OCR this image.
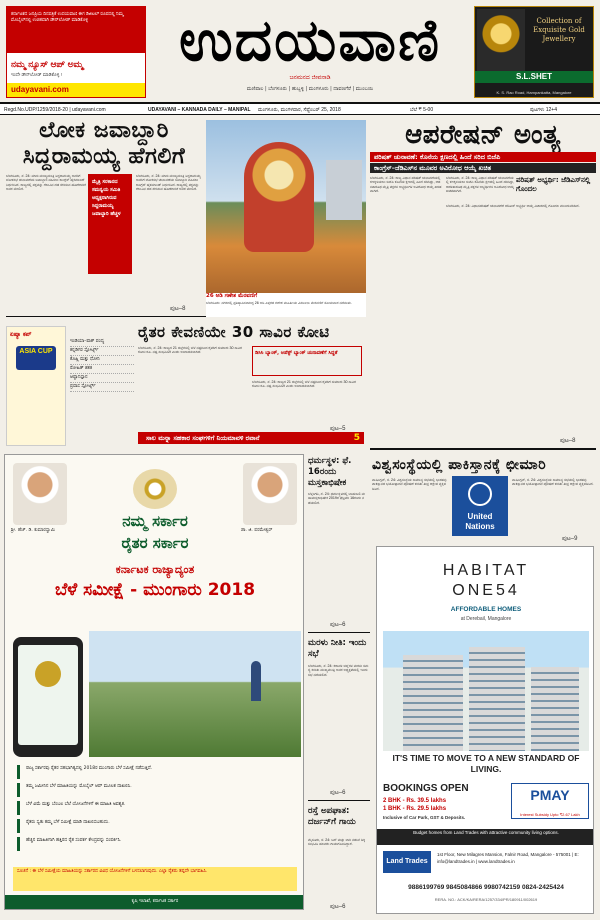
ಕರ್ನಾಟಕದ ಜನಪ್ರಿಯ ದಿನಪತ್ರಿಕೆ ಉದಯವಾಣಿ ಈಗ ಡಿಜಿಟಲ್ ರೂಪದಲ್ಲಿ ನಿಮ್ಮ ಮೊಬೈಲ್‌ನಲ್ಲಿ ಉಚಿತವಾಗಿ ಡೌನ್‌ಲೋಡ್ ಮಾಡಿಕೊಳ್ಳಿ
ನಮ್ಮ ನ್ಯೂಸ್ ಆಪ್ ಅಮ್ಮ
ಇಂದೇ ಡೌನ್‌ಲೋಡ್ ಮಾಡಿಕೊಳ್ಳಿ !
udayavani.com
ಉದಯವಾಣಿ
ಜನಮನದ ಜೀವನಾಡಿ
ಮಣಿಪಾಲ | ಬೆಂಗಳೂರು | ಹುಬ್ಬಳ್ಳಿ | ಮಂಗಳೂರು | ದಾವಣಗೆರೆ | ಮುಂಬಯಿ
Collection of Exquisite Gold Jewellery
S.L.SHET
K. S. Rao Road, Hampankatta, Mangalore
Regd.No.UDP/1259/2018-20 | udayavani.com	UDAYAVANI – KANNADA DAILY – MANIPAL ಮಂಗಳೂರು, ಮಂಗಳವಾರ, ಸೆಪ್ಟೆಂಬರ್ 25, 2018	ಬೆಲೆ ₹ 5-00	ಪುಟಗಳು 12+4
ಲೋಕ ಜವಾಬ್ದಾರಿ
ಸಿದ್ದರಾಮಯ್ಯ ಹೆಗಲಿಗೆ
ಬೆಂಗಳೂರು, ಸೆ. 24: ಮಾಜಿ ಮುಖ್ಯಮಂತ್ರಿ ಸಿದ್ದರಾಮಯ್ಯ ಅವರಿಗೆ ಲೋಕಸಭೆ ಚುನಾವಣೆಯ ಜವಾಬ್ದಾರಿ ವಹಿಸಲು ಕಾಂಗ್ರೆಸ್ ಹೈಕಮಾಂಡ್ ನಿರ್ಧರಿಸಿದೆ. ರಾಜ್ಯದಲ್ಲಿ ಪಕ್ಷವನ್ನು ಗೆಲುವಿನ ದಡ ಸೇರಿಸುವ ಹೊಣೆಗಾರಿಕೆ ಅವರ ಮೇಲಿದೆ.
ಮೈತ್ರಿ ಸರಕಾರದ ಸಮನ್ವಯ ಸಮಿತಿ ಅಧ್ಯಕ್ಷರಾಗಿರುವ ಸಿದ್ದರಾಮಯ್ಯ ಜವಾಬ್ದಾರಿ ಹೆಚ್ಚಳ
ಬೆಂಗಳೂರು, ಸೆ. 24: ಮಾಜಿ ಮುಖ್ಯಮಂತ್ರಿ ಸಿದ್ದರಾಮಯ್ಯ ಅವರಿಗೆ ಲೋಕಸಭೆ ಚುನಾವಣೆಯ ಜವಾಬ್ದಾರಿ ವಹಿಸಲು ಕಾಂಗ್ರೆಸ್ ಹೈಕಮಾಂಡ್ ನಿರ್ಧರಿಸಿದೆ. ರಾಜ್ಯದಲ್ಲಿ ಪಕ್ಷವನ್ನು ಗೆಲುವಿನ ದಡ ಸೇರಿಸುವ ಹೊಣೆಗಾರಿಕೆ ಅವರ ಮೇಲಿದೆ.
ಪುಟ–8
26 ಅಡಿ ಗಣೇಶ ಮೆರವಣಿಗೆ
ಬೆಂಗಳೂರು: ನಗರದಲ್ಲಿ ಪ್ರತಿಷ್ಠಾಪಿಸಲಾಗಿದ್ದ 26 ಅಡಿ ಎತ್ತರದ ಗಣೇಶ ಮೂರ್ತಿಯ ವಿಸರ್ಜನಾ ಮೆರವಣಿಗೆ ಸೋಮವಾರ ನಡೆಯಿತು.
ಆಪರೇಷನ್ ಅಂತ್ಯ
ಪರಿಷತ್ ಚುನಾವಣೆ: ಕೊನೆಯ ಕ್ಷಣದಲ್ಲಿ ಹಿಂದೆ ಸರಿದ ಬಿಜೆಪಿ
ಕಾಂಗ್ರೆಸ್–ಜೆಡಿಎಸ್‌ನ ಮೂವರ ಅವಿರೋಧ ಆಯ್ಕೆ ಖಚಿತ
ಬೆಂಗಳೂರು, ಸೆ. 24: ರಾಜ್ಯ ವಿಧಾನ ಪರಿಷತ್ ಚುನಾವಣೆಯಲ್ಲಿ ಕಣಕ್ಕಿಳಿಯಲು ಬಿಜೆಪಿ ಕೊನೆಯ ಕ್ಷಣದಲ್ಲಿ ಹಿಂದೆ ಸರಿದಿದ್ದು, ಆಡಳಿತಾರೂಢ ಮೈತ್ರಿ ಪಕ್ಷಗಳ ಅಭ್ಯರ್ಥಿಗಳ ಅವಿರೋಧ ಆಯ್ಕೆ ಖಚಿತವಾಗಿದೆ.
ಬೆಂಗಳೂರು, ಸೆ. 24: ರಾಜ್ಯ ವಿಧಾನ ಪರಿಷತ್ ಚುನಾವಣೆಯಲ್ಲಿ ಕಣಕ್ಕಿಳಿಯಲು ಬಿಜೆಪಿ ಕೊನೆಯ ಕ್ಷಣದಲ್ಲಿ ಹಿಂದೆ ಸರಿದಿದ್ದು, ಆಡಳಿತಾರೂಢ ಮೈತ್ರಿ ಪಕ್ಷಗಳ ಅಭ್ಯರ್ಥಿಗಳ ಅವಿರೋಧ ಆಯ್ಕೆ ಖಚಿತವಾಗಿದೆ.
ಪರಿಷತ್ ಅಭ್ಯರ್ಥಿ: ಜೆಡಿಎಸ್‌ನಲ್ಲಿ ಗೊಂದಲ
ಬೆಂಗಳೂರು, ಸೆ. 24: ವಿಧಾನಪರಿಷತ್ ಚುನಾವಣೆಗೆ ಜೆಡಿಎಸ್ ಅಭ್ಯರ್ಥಿ ಆಯ್ಕೆ ವಿಚಾರದಲ್ಲಿ ಗೊಂದಲ ಮುಂದುವರಿದಿದೆ.
ಪುಟ–8
ಏಷ್ಯಾ ಕಪ್
ASIA CUP
ಇಂಡಿಯಾ–ಪಾಕ್ ಪಂದ್ಯ
ಕನ್ನಡಿಗರ ಸ್ಪೋರ್ಟ್ಸ್
ಕೊಹ್ಲಿ ಮತ್ತು ಧೋನಿ
ರೋಹಿತ್ ಶತಕ
ಆಫ್ಘಾನಿಸ್ತಾನ
ಪ್ರವಾಸ ಸ್ಪೋರ್ಟ್ಸ್
ರೈತರ ಕೇವಣಿಯೇ 30 ಸಾವಿರ ಕೋಟಿ
ಬೆಂಗಳೂರು, ಸೆ. 24: ರಾಜ್ಯದ 21 ಜಿಲ್ಲೆಗಳಲ್ಲಿ ಬೆಳೆ ನಷ್ಟದಿಂದ ರೈತರಿಗೆ ಸುಮಾರು 30 ಸಾವಿರ ಕೋಟಿ ರೂ. ನಷ್ಟ ಸಂಭವಿಸಿದೆ ಎಂದು ಅಂದಾಜಿಸಲಾಗಿದೆ.	ಡಿಸಿಸಿ ಬ್ಯಾಂಕ್, ಅಪೆಕ್ಸ್ ಬ್ಯಾಂಕ್ ಚುನಾವಣೆಗೆ ಸಿದ್ಧತೆ
ಬೆಂಗಳೂರು, ಸೆ. 24: ರಾಜ್ಯದ 21 ಜಿಲ್ಲೆಗಳಲ್ಲಿ ಬೆಳೆ ನಷ್ಟದಿಂದ ರೈತರಿಗೆ ಸುಮಾರು 30 ಸಾವಿರ ಕೋಟಿ ರೂ. ನಷ್ಟ ಸಂಭವಿಸಿದೆ ಎಂದು ಅಂದಾಜಿಸಲಾಗಿದೆ.
ಪುಟ–5
ಸಾಲ ಮನ್ನಾ ಸಹಕಾರ ಸಂಘಗಳಿಗೆ ನಿಯಮಾವಳಿ ರವಾನೆ	5
ಶ್ರೀ. ಹೆಚ್. ಡಿ. ಕುಮಾರಸ್ವಾಮಿ	ಡಾ. ಜಿ. ಪರಮೇಶ್ವರ್
ನಮ್ಮ ಸರ್ಕಾರ
ರೈತರ ಸರ್ಕಾರ
ಕರ್ನಾಟಕ ರಾಜ್ಯಾದ್ಯಂತ
ಬೆಳೆ ಸಮೀಕ್ಷೆ - ಮುಂಗಾರು 2018
ರಾಜ್ಯ ಸರ್ಕಾರವು ರೈತರ ಸಹಭಾಗಿತ್ವದಲ್ಲಿ 2018ರ ಮುಂಗಾರು ಬೆಳೆ ಸಮೀಕ್ಷೆ ನಡೆಸುತ್ತಿದೆ.
ತಮ್ಮ ಜಮೀನಿನ ಬೆಳೆ ಮಾಹಿತಿಯನ್ನು ಮೊಬೈಲ್ ಆಪ್ ಮೂಲಕ ದಾಖಲಿಸಿ.
ಬೆಳೆ ವಿಮೆ ಮತ್ತು ಬೆಂಬಲ ಬೆಲೆ ಯೋಜನೆಗಳಿಗೆ ಈ ಮಾಹಿತಿ ಅವಶ್ಯಕ.
ರೈತರು ಸ್ವತಃ ತಮ್ಮ ಬೆಳೆ ಸಮೀಕ್ಷೆ ಮಾಡಿ ದಾಖಲಿಸಬಹುದು.
ಹೆಚ್ಚಿನ ಮಾಹಿತಿಗಾಗಿ ಹತ್ತಿರದ ರೈತ ಸಂಪರ್ಕ ಕೇಂದ್ರವನ್ನು ಸಂಪರ್ಕಿಸಿ.
ಸೂಚನೆ : ಈ ಬೆಳೆ ಸಮೀಕ್ಷೆಯ ಮಾಹಿತಿಯನ್ನು ಸರ್ಕಾರದ ವಿವಿಧ ಯೋಜನೆಗಳಿಗೆ ಬಳಸಲಾಗುವುದು. ಎಲ್ಲಾ ರೈತರು ತಪ್ಪದೇ ಭಾಗವಹಿಸಿ.
ಕೃಷಿ ಇಲಾಖೆ, ಕರ್ನಾಟಕ ಸರ್ಕಾರ
ಧರ್ಮಸ್ಥಳ: ಫೆ. 16ರಂದು ಮಸ್ತಕಾಭಿಷೇಕ
ಬೆಳ್ತಂಗಡಿ, ಸೆ. 24: ಧರ್ಮಸ್ಥಳದಲ್ಲಿ ಬಾಹುಬಲಿ ಮಹಾಮಸ್ತಕಾಭಿಷೇಕ 2019ರ ಫೆಬ್ರವರಿ 16ರಂದು ನಡೆಯಲಿದೆ.
ಪುಟ–6
ಮರಳು ನೀತಿ: ಇಂದು ಸಭೆ
ಬೆಂಗಳೂರು, ಸೆ. 24: ಕರಾವಳಿ ಜಿಲ್ಲೆಗಳ ಮರಳು ಸಮಸ್ಯೆ ಕುರಿತು ಮುಖ್ಯಮಂತ್ರಿ ಅವರ ಅಧ್ಯಕ್ಷತೆಯಲ್ಲಿ ಇಂದು ಸಭೆ ನಡೆಯಲಿದೆ.
ಪುಟ–6
ರಸ್ತೆ ಅಪಘಾತ: ದರ್ಜನ್‌ಗೆ ಗಾಯ
ಮೈಸೂರು, ಸೆ. 24: ಬಸ್ ಮತ್ತು ಲಾರಿ ನಡುವೆ ಡಿಕ್ಕಿ ಸಂಭವಿಸಿ ಹಲವರು ಗಾಯಗೊಂಡಿದ್ದಾರೆ.
ಪುಟ–6
ವಿಶ್ವಸಂಸ್ಥೆಯಲ್ಲಿ ಪಾಕಿಸ್ತಾನಕ್ಕೆ ಛೀಮಾರಿ
ವಾಷಿಂಗ್ಟನ್, ಸೆ. 24: ವಿಶ್ವಸಂಸ್ಥೆಯ ಸಾಮಾನ್ಯ ಸಭೆಯಲ್ಲಿ ಭಾರತವು ಪಾಕಿಸ್ತಾನದ ಭಯೋತ್ಪಾದನೆ ಪೋಷಣೆ ಕುರಿತು ತೀವ್ರ ಆಕ್ಷೇಪ ವ್ಯಕ್ತಪಡಿಸಿದೆ.
United Nations
ವಾಷಿಂಗ್ಟನ್, ಸೆ. 24: ವಿಶ್ವಸಂಸ್ಥೆಯ ಸಾಮಾನ್ಯ ಸಭೆಯಲ್ಲಿ ಭಾರತವು ಪಾಕಿಸ್ತಾನದ ಭಯೋತ್ಪಾದನೆ ಪೋಷಣೆ ಕುರಿತು ತೀವ್ರ ಆಕ್ಷೇಪ ವ್ಯಕ್ತಪಡಿಸಿದೆ.
ಪುಟ–9
HABITAT
ONE54
AFFORDABLE HOMES
at Derebail, Mangalore
IT'S TIME TO MOVE TO A NEW STANDARD OF LIVING.
BOOKINGS OPEN
2 BHK - Rs. 39.5 lakhs
1 BHK - Rs. 29.5 lakhs
Inclusive of Car Park, GST & Deposits.
PMAY
Interest Subsidy Upto ₹2.67 Lakh
Budget homes from Land Trades with attractive community living options.
Land Trades
1st Floor, New Milagres Mansion, Falnir Road, Mangalore - 575001 | E: info@landtrades.in | www.landtrades.in
9886199769 9845084866 9980742159 0824-2425424
RERA. NO.: ACK/KA/RERA/1257/334/PR/180911/002619
